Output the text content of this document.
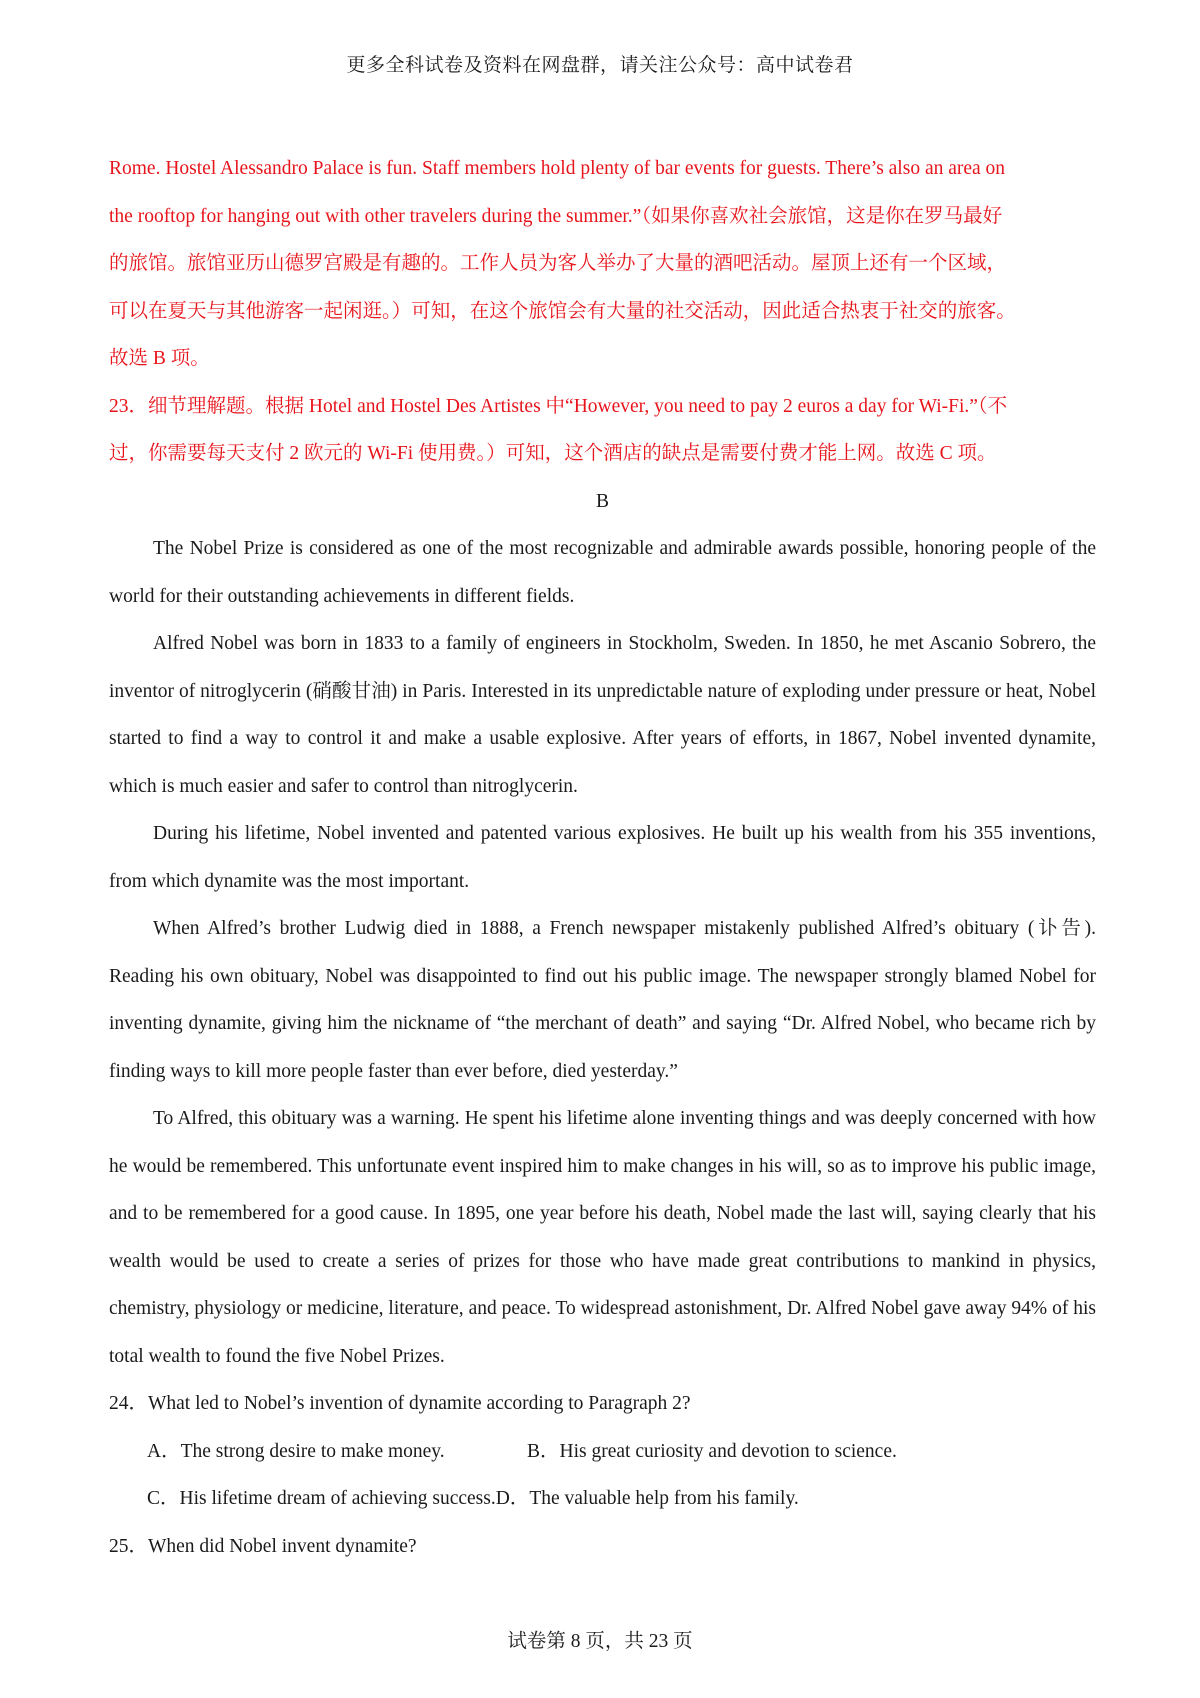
更多全科试卷及资料在网盘群，请关注公众号：高中试卷君

Rome. Hostel Alessandro Palace is fun. Staff members hold plenty of bar events for guests. There’s also an area on

the rooftop for hanging out with other travelers during the summer.”（如果你喜欢社会旅馆，这是你在罗马最好

的旅馆。旅馆亚历山德罗宫殿是有趣的。工作人员为客人举办了大量的酒吧活动。屋顶上还有一个区域，

可以在夏天与其他游客一起闲逛。）可知，在这个旅馆会有大量的社交活动，因此适合热衷于社交的旅客。

故选 B 项。

23．细节理解题。根据 Hotel and Hostel Des Artistes 中“However, you need to pay 2 euros a day for Wi-Fi.”（不

过，你需要每天支付 2 欧元的 Wi-Fi 使用费。）可知，这个酒店的缺点是需要付费才能上网。故选 C 项。

B

The Nobel Prize is considered as one of the most recognizable and admirable awards possible, honoring people of the world for their outstanding achievements in different fields.

Alfred Nobel was born in 1833 to a family of engineers in Stockholm, Sweden. In 1850, he met Ascanio Sobrero, the inventor of nitroglycerin (硝酸甘油) in Paris. Interested in its unpredictable nature of exploding under pressure or heat, Nobel started to find a way to control it and make a usable explosive. After years of efforts, in 1867, Nobel invented dynamite, which is much easier and safer to control than nitroglycerin.

During his lifetime, Nobel invented and patented various explosives. He built up his wealth from his 355 inventions, from which dynamite was the most important.

When Alfred’s brother Ludwig died in 1888, a French newspaper mistakenly published Alfred’s obituary (讣告). Reading his own obituary, Nobel was disappointed to find out his public image. The newspaper strongly blamed Nobel for inventing dynamite, giving him the nickname of “the merchant of death” and saying “Dr. Alfred Nobel, who became rich by finding ways to kill more people faster than ever before, died yesterday.”

To Alfred, this obituary was a warning. He spent his lifetime alone inventing things and was deeply concerned with how he would be remembered. This unfortunate event inspired him to make changes in his will, so as to improve his public image, and to be remembered for a good cause. In 1895, one year before his death, Nobel made the last will, saying clearly that his wealth would be used to create a series of prizes for those who have made great contributions to mankind in physics, chemistry, physiology or medicine, literature, and peace. To widespread astonishment, Dr. Alfred Nobel gave away 94% of his total wealth to found the five Nobel Prizes.

24．What led to Nobel’s invention of dynamite according to Paragraph 2?

A．The strong desire to make money.	B．His great curiosity and devotion to science.
C．His lifetime dream of achieving success. D．The valuable help from his family.

25．When did Nobel invent dynamite?

试卷第 8 页，共 23 页
